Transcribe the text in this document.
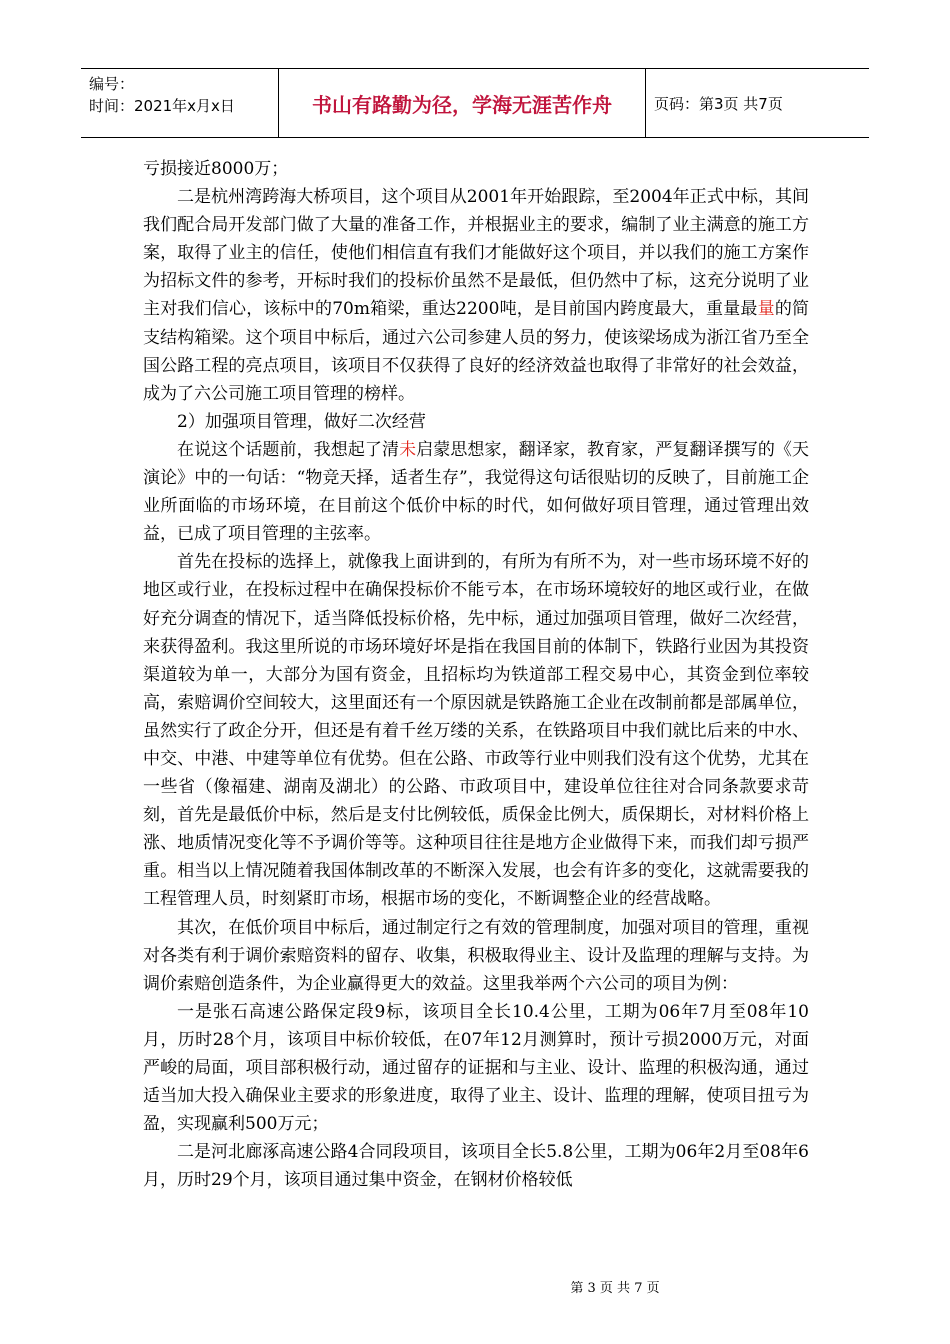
编号：
时间：2021年x月x日	书山有路勤为径，学海无涯苦作舟	页码：第3页 共7页

亏损接近8000万；

二是杭州湾跨海大桥项目，这个项目从2001年开始跟踪，至2004年正式中标，其间我们配合局开发部门做了大量的准备工作，并根据业主的要求，编制了业主满意的施工方案，取得了业主的信任，使他们相信直有我们才能做好这个项目，并以我们的施工方案作为招标文件的参考，开标时我们的投标价虽然不是最低，但仍然中了标，这充分说明了业主对我们信心，该标中的70m箱梁，重达2200吨，是目前国内跨度最大，重量最量的简支结构箱梁。这个项目中标后，通过六公司参建人员的努力，使该梁场成为浙江省乃至全国公路工程的亮点项目，该项目不仅获得了良好的经济效益也取得了非常好的社会效益，成为了六公司施工项目管理的榜样。

2）加强项目管理，做好二次经营

在说这个话题前，我想起了清未启蒙思想家，翻译家，教育家，严复翻译撰写的《天演论》中的一句话：“物竞天择，适者生存”，我觉得这句话很贴切的反映了，目前施工企业所面临的市场环境，在目前这个低价中标的时代，如何做好项目管理，通过管理出效益，已成了项目管理的主弦率。

首先在投标的选择上，就像我上面讲到的，有所为有所不为，对一些市场环境不好的地区或行业，在投标过程中在确保投标价不能亏本，在市场环境较好的地区或行业，在做好充分调查的情况下，适当降低投标价格，先中标，通过加强项目管理，做好二次经营，来获得盈利。我这里所说的市场环境好坏是指在我国目前的体制下，铁路行业因为其投资渠道较为单一，大部分为国有资金，且招标均为铁道部工程交易中心，其资金到位率较高，索赔调价空间较大，这里面还有一个原因就是铁路施工企业在改制前都是部属单位，虽然实行了政企分开，但还是有着千丝万缕的关系，在铁路项目中我们就比后来的中水、中交、中港、中建等单位有优势。但在公路、市政等行业中则我们没有这个优势，尤其在一些省（像福建、湖南及湖北）的公路、市政项目中，建设单位往往对合同条款要求苛刻，首先是最低价中标，然后是支付比例较低，质保金比例大，质保期长，对材料价格上涨、地质情况变化等不予调价等等。这种项目往往是地方企业做得下来，而我们却亏损严重。相当以上情况随着我国体制改革的不断深入发展，也会有许多的变化，这就需要我的工程管理人员，时刻紧盯市场，根据市场的变化，不断调整企业的经营战略。

其次，在低价项目中标后，通过制定行之有效的管理制度，加强对项目的管理，重视对各类有利于调价索赔资料的留存、收集，积极取得业主、设计及监理的理解与支持。为调价索赔创造条件，为企业赢得更大的效益。这里我举两个六公司的项目为例：

一是张石高速公路保定段9标，该项目全长10.4公里，工期为06年7月至08年10月，历时28个月，该项目中标价较低，在07年12月测算时，预计亏损2000万元，对面严峻的局面，项目部积极行动，通过留存的证据和与主业、设计、监理的积极沟通，通过适当加大投入确保业主要求的形象进度，取得了业主、设计、监理的理解，使项目扭亏为盈，实现赢利500万元；

二是河北廊涿高速公路4合同段项目，该项目全长5.8公里，工期为06年2月至08年6月，历时29个月，该项目通过集中资金，在钢材价格较低

第 3 页 共 7 页
